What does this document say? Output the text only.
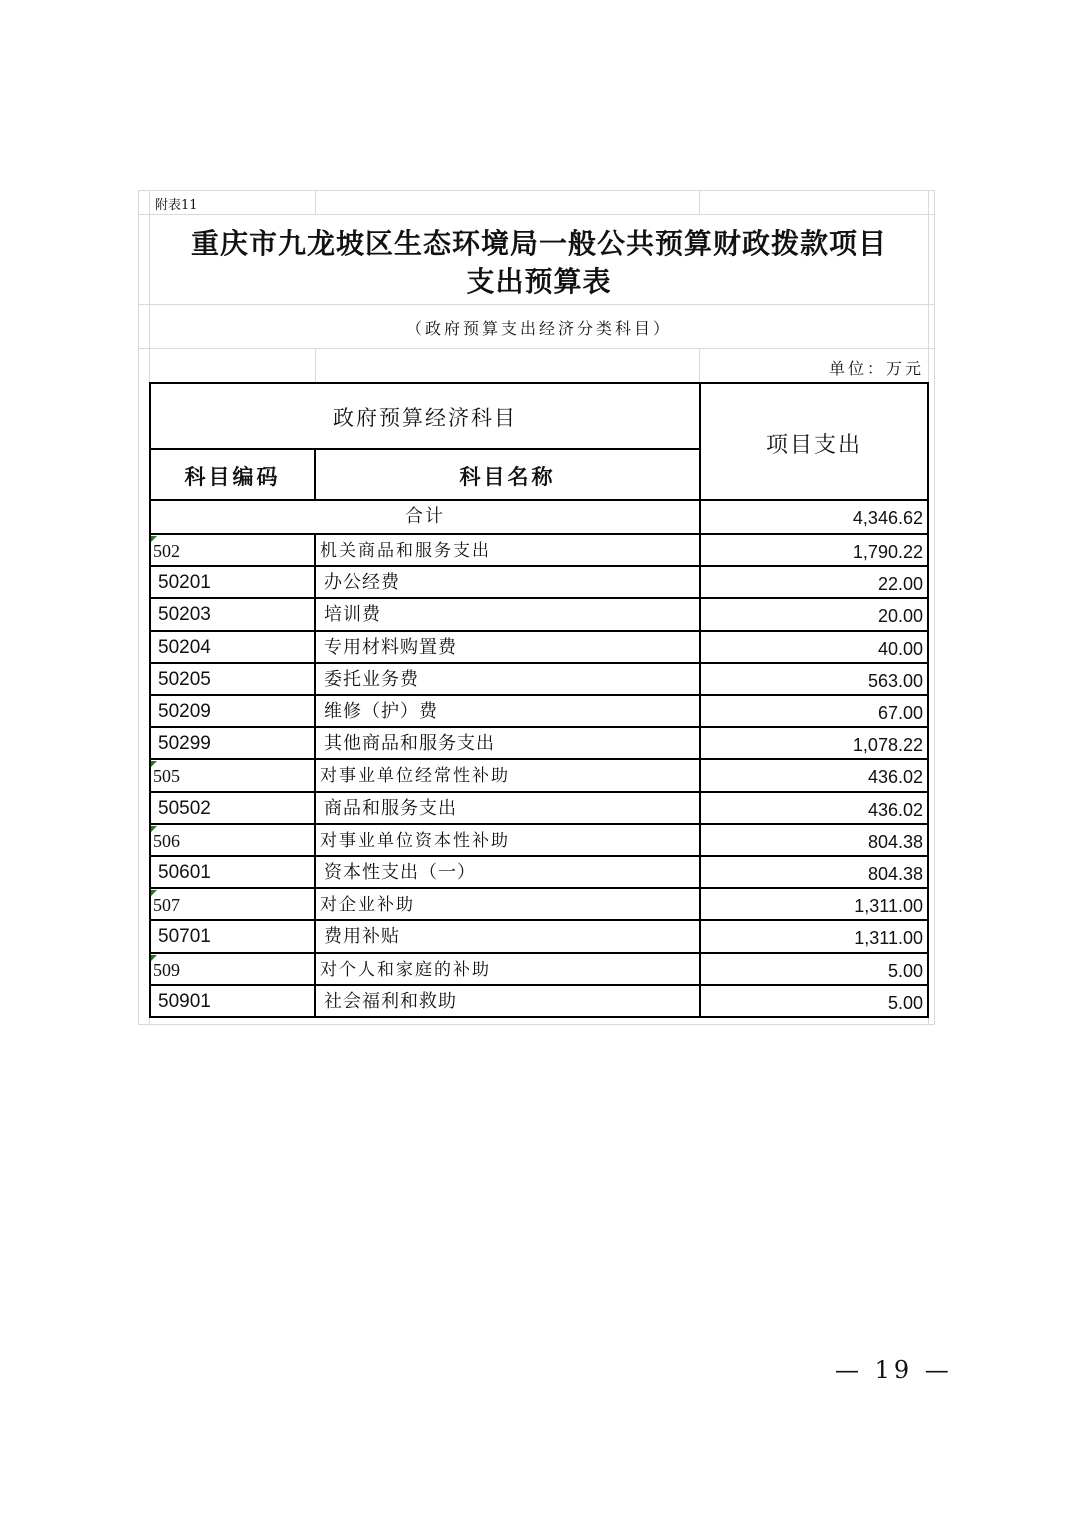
附表11
重庆市九龙坡区生态环境局一般公共预算财政拨款项目
支出预算表
（政府预算支出经济分类科目）
单位：万元
政府预算经济科目
项目支出
科目编码	科目名称
合计	4,346.62
502	机关商品和服务支出	1,790.22
50201	办公经费	22.00
50203	培训费	20.00
50204	专用材料购置费	40.00
50205	委托业务费	563.00
50209	维修（护）费	67.00
50299	其他商品和服务支出	1,078.22
505	对事业单位经常性补助	436.02
50502	商品和服务支出	436.02
506	对事业单位资本性补助	804.38
50601	资本性支出（一）	804.38
507	对企业补助	1,311.00
50701	费用补贴	1,311.00
509	对个人和家庭的补助	5.00
50901	社会福利和救助	5.00
— 19 —
